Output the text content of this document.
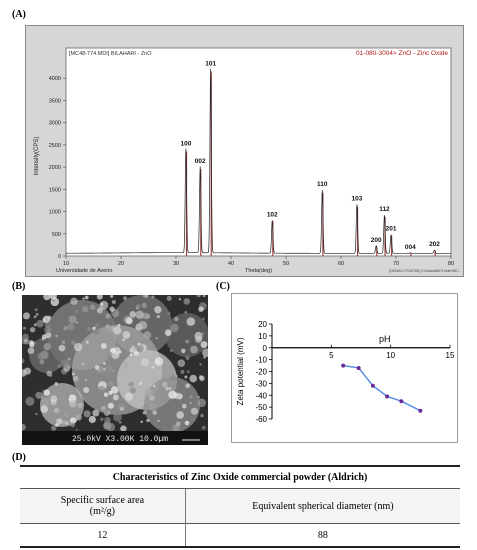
(A)
[MC48-774.MDI] BILAHARI - ZnO	01-080-3004> ZnO - Zinc Oxide
0
500
1000
1500
2000
2500
3000
3500
4000
10	20	30	40	50	60	70	80
Intensity(CPS)
Theta(deg)
Universidade de Aveiro	[DEMAC-PC00785] C:\Dados\MCFolder\MC...
100
002
101
102
110
103
200
112
201
004 202
(B)
25.0kV X3.00K 10.0µm
(C)
20
10
0
-10
-20
-30
-40
-50
-60
5	10	15
pH
Zeta potential (mV)
(D)
Characteristics of Zinc Oxide commercial powder (Aldrich)	
Specific surface area
(m²/g)	Equivalent spherical diameter (nm)
12	88
